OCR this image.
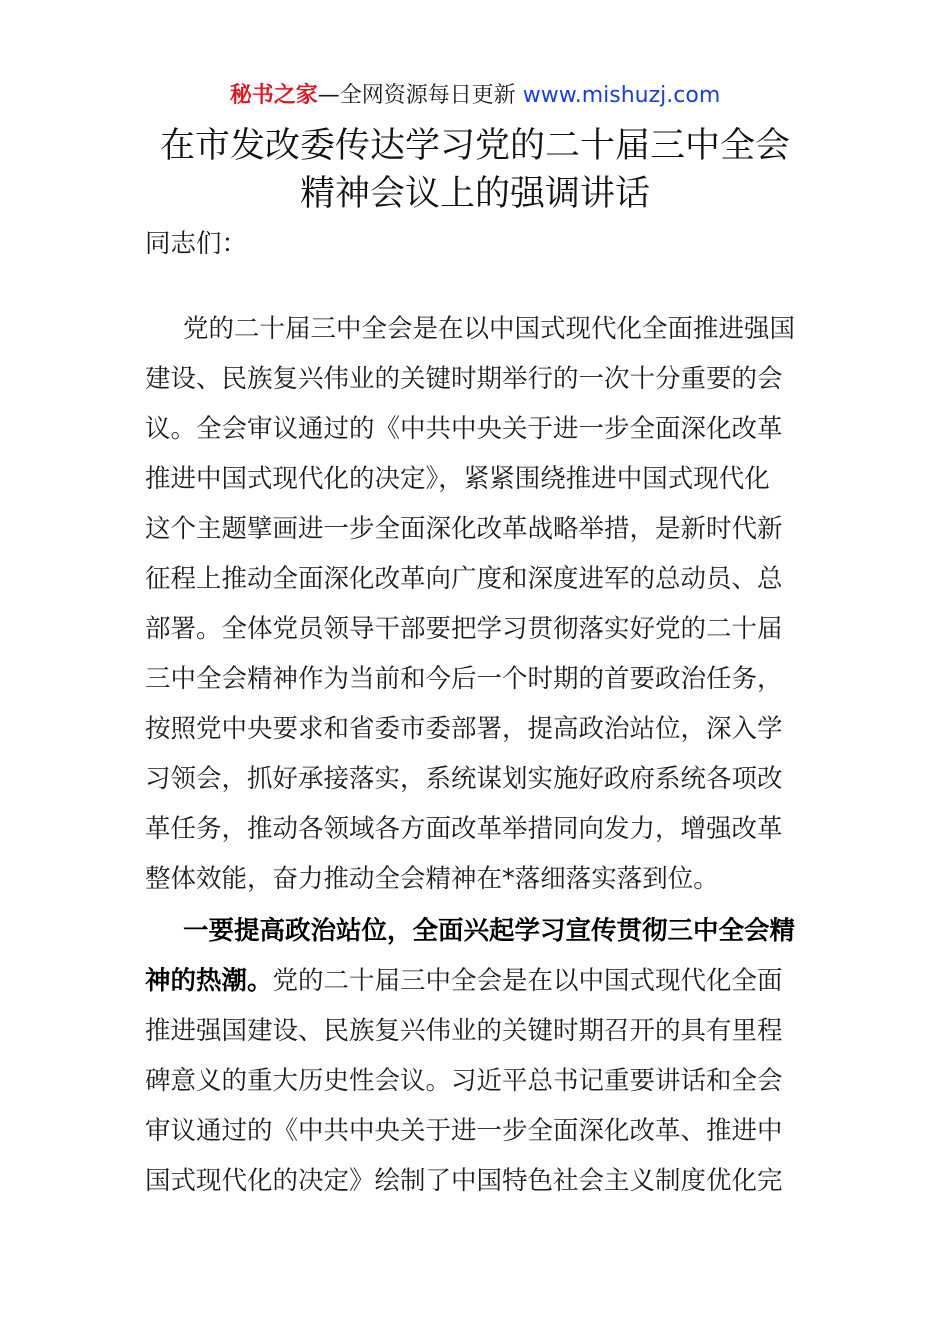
秘书之家—全网资源每日更新 www.mishuzj.com
在市发改委传达学习党的二十届三中全会
精神会议上的强调讲话
同志们：
党的二十届三中全会是在以中国式现代化全面推进强国
建设、民族复兴伟业的关键时期举行的一次十分重要的会
议。全会审议通过的《中共中央关于进一步全面深化改革
推进中国式现代化的决定》，紧紧围绕推进中国式现代化
这个主题擘画进一步全面深化改革战略举措，是新时代新
征程上推动全面深化改革向广度和深度进军的总动员、总
部署。全体党员领导干部要把学习贯彻落实好党的二十届
三中全会精神作为当前和今后一个时期的首要政治任务，
按照党中央要求和省委市委部署，提高政治站位，深入学
习领会，抓好承接落实，系统谋划实施好政府系统各项改
革任务，推动各领域各方面改革举措同向发力，增强改革
整体效能，奋力推动全会精神在*落细落实落到位。
一要提高政治站位，全面兴起学习宣传贯彻三中全会精
神的热潮。党的二十届三中全会是在以中国式现代化全面
推进强国建设、民族复兴伟业的关键时期召开的具有里程
碑意义的重大历史性会议。习近平总书记重要讲话和全会
审议通过的《中共中央关于进一步全面深化改革、推进中
国式现代化的决定》绘制了中国特色社会主义制度优化完
